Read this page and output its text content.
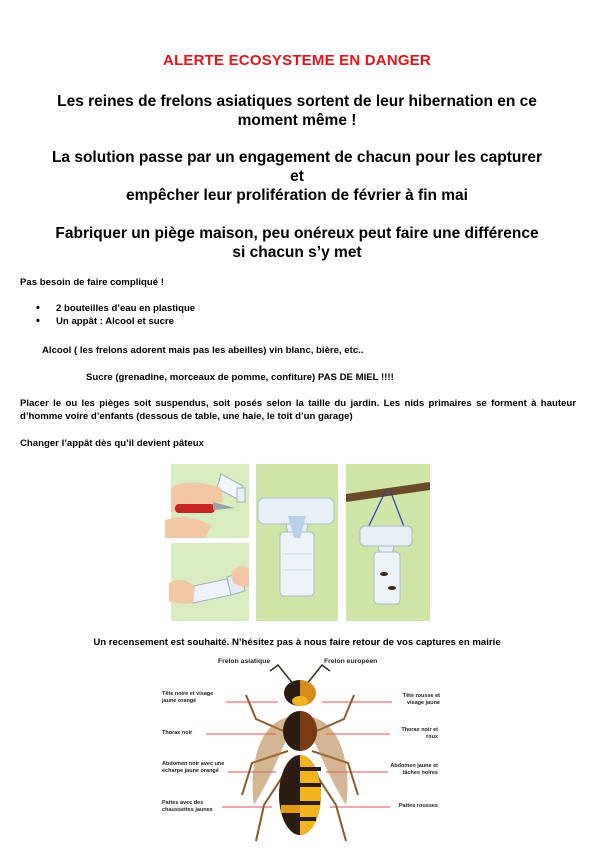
ALERTE ECOSYSTEME EN DANGER
Les reines de frelons asiatiques sortent de leur hibernation en ce
moment même !
La solution passe par un engagement de chacun pour les capturer
et
empêcher leur prolifération de février à fin mai
Fabriquer un piège maison, peu onéreux peut faire une différence
si chacun s’y met
Pas besoin de faire compliqué !
• 2 bouteilles d’eau en plastique
• Un appât : Alcool et sucre
Alcool ( les frelons adorent mais pas les abeilles) vin blanc, bière, etc..
Sucre (grenadine, morceaux de pomme, confiture) PAS DE MIEL !!!!
Placer le ou les pièges soit suspendus, soit posés selon la taille du jardin. Les nids primaires se forment à hauteur d’homme voire d’enfants (dessous de table, une haie, le toit d’un garage)
Changer l’appât dès qu’il devient pâteux
Un recensement est souhaité. N’hésitez pas à nous faire retour de vos captures en mairie
Frelon asiatique	Frelon européen
Tête noire et visage jaune orangé
Thorax noir
Abdomen noir avec une écharpe jaune orangé
Pattes avec des chaussettes jaunes
Tête rousse et visage jaune
Thorax noir et roux
Abdomen jaune et tâches noires
Pattes rousses
